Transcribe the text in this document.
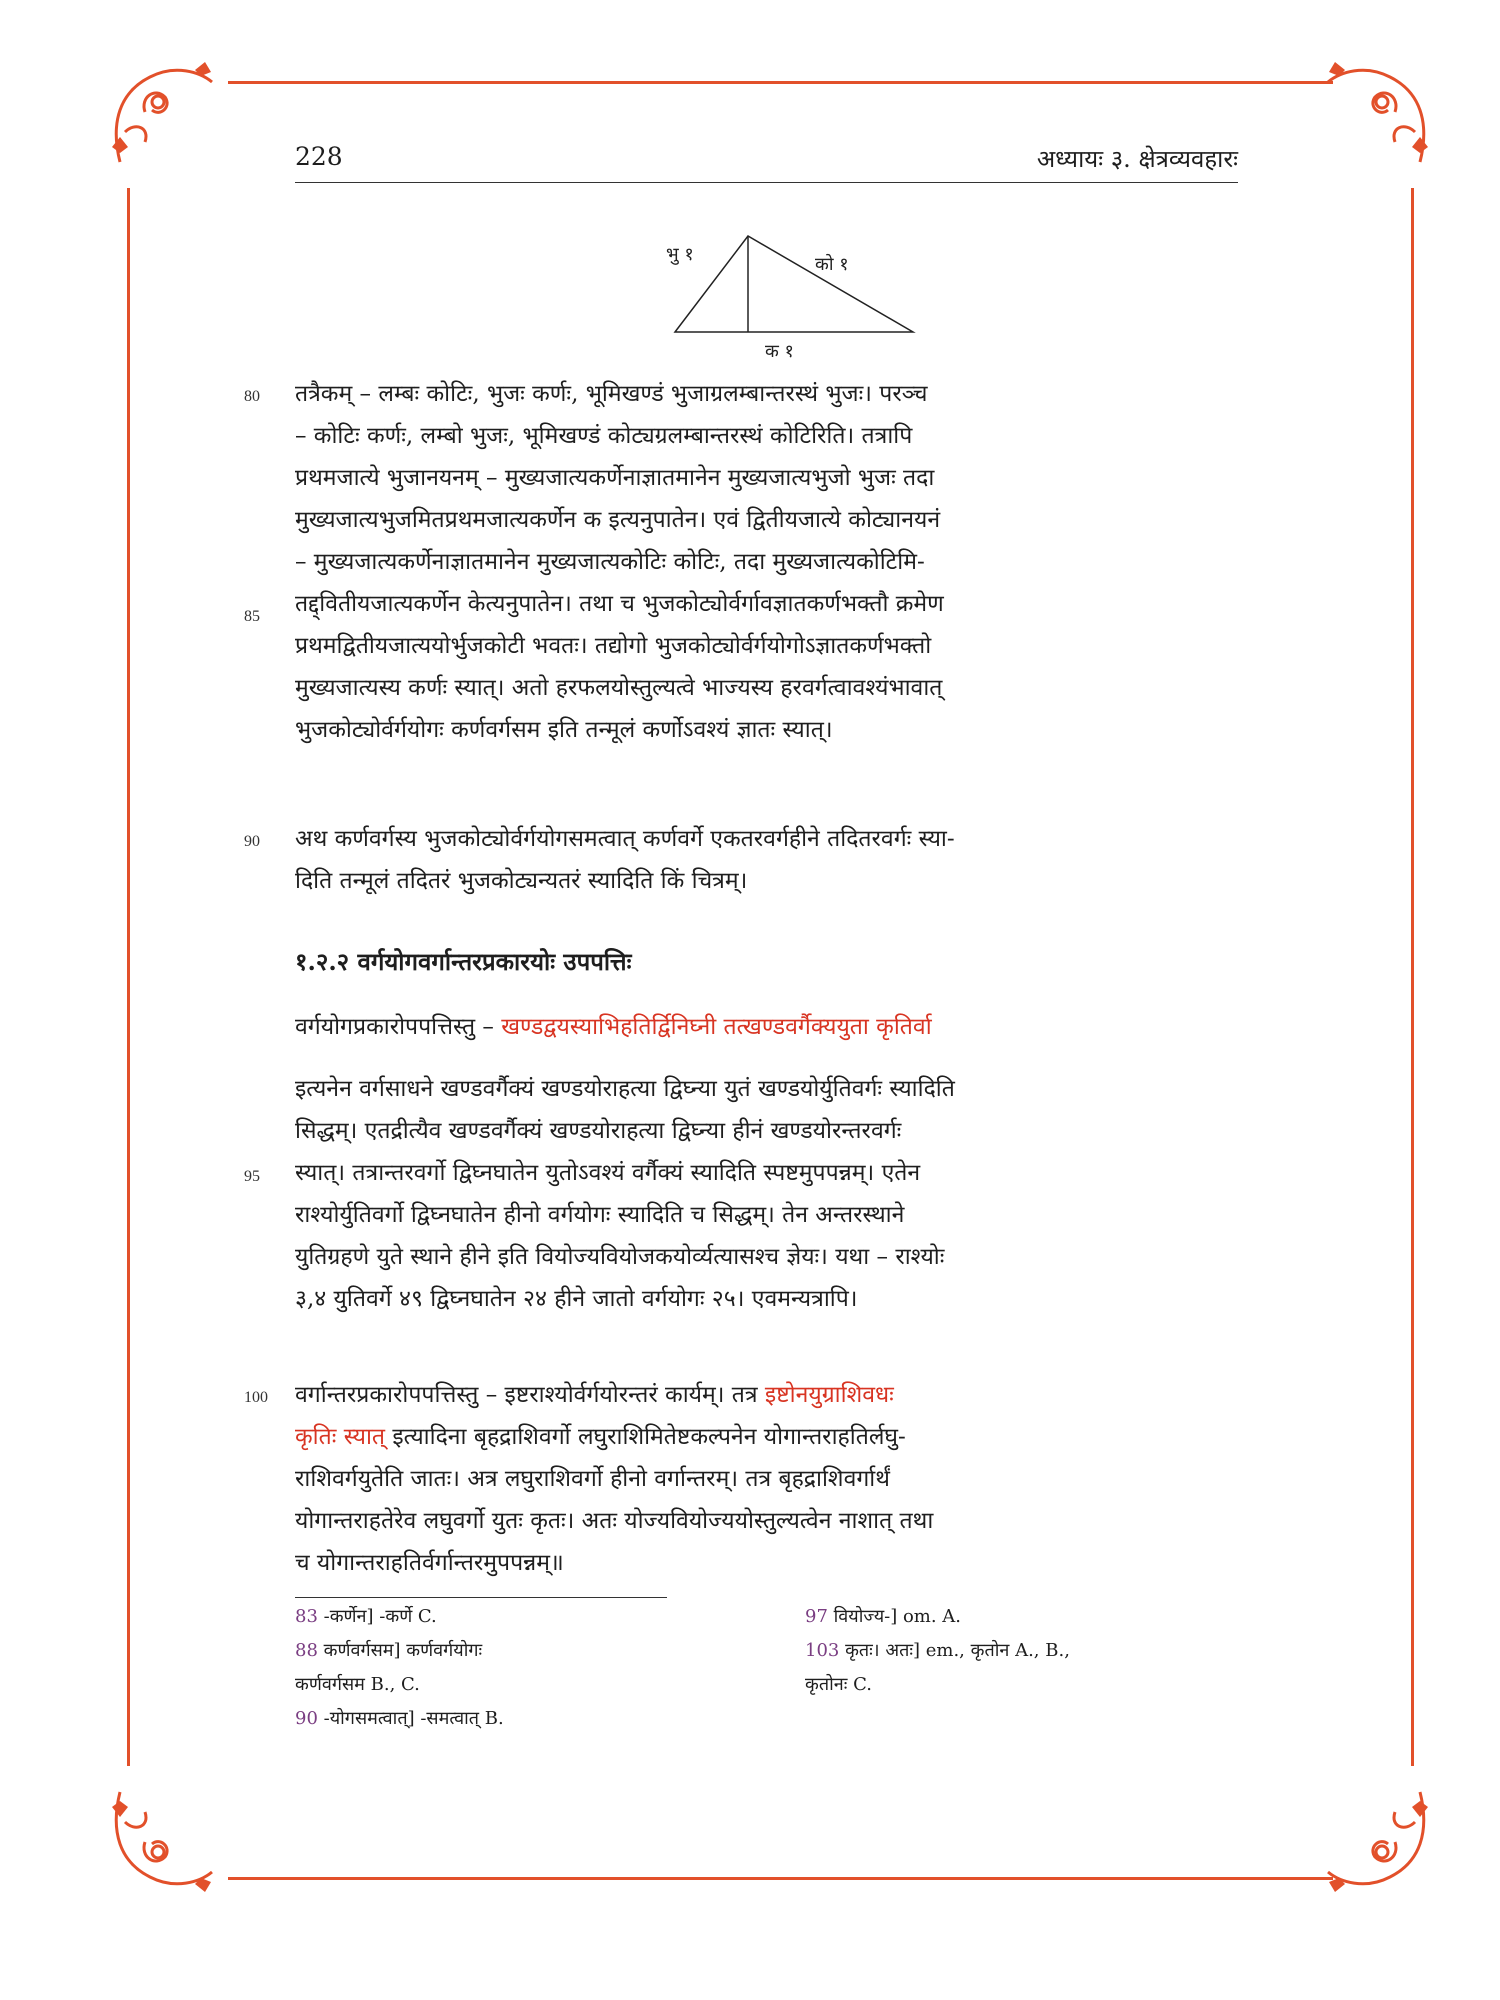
228	अध्यायः ३. क्षेत्रव्यवहारः
भु १	को १
क १
80
85
तत्रैकम् – लम्बः कोटिः, भुजः कर्णः, भूमिखण्डं भुजाग्रलम्बान्तरस्थं भुजः। परञ्च
– कोटिः कर्णः, लम्बो भुजः, भूमिखण्डं कोट्यग्रलम्बान्तरस्थं कोटिरिति। तत्रापि
प्रथमजात्ये भुजानयनम् – मुख्यजात्यकर्णेनाज्ञातमानेन मुख्यजात्यभुजो भुजः तदा
मुख्यजात्यभुजमितप्रथमजात्यकर्णेन क इत्यनुपातेन। एवं द्वितीयजात्ये कोट्यानयनं
– मुख्यजात्यकर्णेनाज्ञातमानेन मुख्यजात्यकोटिः कोटिः, तदा मुख्यजात्यकोटिमि-
तद्द्वितीयजात्यकर्णेन केत्यनुपातेन। तथा च भुजकोट्योर्वर्गावज्ञातकर्णभक्तौ क्रमेण
प्रथमद्वितीयजात्ययोर्भुजकोटी भवतः। तद्योगो भुजकोट्योर्वर्गयोगोऽज्ञातकर्णभक्तो
मुख्यजात्यस्य कर्णः स्यात्। अतो हरफलयोस्तुल्यत्वे भाज्यस्य हरवर्गत्वावश्यंभावात्
भुजकोट्योर्वर्गयोगः कर्णवर्गसम इति तन्मूलं कर्णोऽवश्यं ज्ञातः स्यात्।
90 अथ कर्णवर्गस्य भुजकोट्योर्वर्गयोगसमत्वात् कर्णवर्गे एकतरवर्गहीने तदितरवर्गः स्या-
दिति तन्मूलं तदितरं भुजकोट्यन्यतरं स्यादिति किं चित्रम्।
१.२.२ वर्गयोगवर्गान्तरप्रकारयोः उपपत्तिः
वर्गयोगप्रकारोपपत्तिस्तु – खण्डद्वयस्याभिहतिर्द्विनिघ्नी तत्खण्डवर्गैक्ययुता कृतिर्वा
95
इत्यनेन वर्गसाधने खण्डवर्गैक्यं खण्डयोराहत्या द्विघ्न्या युतं खण्डयोर्युतिवर्गः स्यादिति
सिद्धम्। एतद्रीत्यैव खण्डवर्गैक्यं खण्डयोराहत्या द्विघ्न्या हीनं खण्डयोरन्तरवर्गः
स्यात्। तत्रान्तरवर्गो द्विघ्नघातेन युतोऽवश्यं वर्गैक्यं स्यादिति स्पष्टमुपपन्नम्। एतेन
राश्योर्युतिवर्गो द्विघ्नघातेन हीनो वर्गयोगः स्यादिति च सिद्धम्। तेन अन्तरस्थाने
युतिग्रहणे युते स्थाने हीने इति वियोज्यवियोजकयोर्व्यत्यासश्च ज्ञेयः। यथा – राश्योः
३,४ युतिवर्गे ४९ द्विघ्नघातेन २४ हीने जातो वर्गयोगः २५। एवमन्यत्रापि।
100 वर्गान्तरप्रकारोपपत्तिस्तु – इष्टराश्योर्वर्गयोरन्तरं कार्यम्। तत्र इष्टोनयुग्राशिवधः
कृतिः स्यात् इत्यादिना बृहद्राशिवर्गो लघुराशिमितेष्टकल्पनेन योगान्तराहतिर्लघु-
राशिवर्गयुतेति जातः। अत्र लघुराशिवर्गो हीनो वर्गान्तरम्। तत्र बृहद्राशिवर्गार्थं
योगान्तराहतेरेव लघुवर्गो युतः कृतः। अतः योज्यवियोज्ययोस्तुल्यत्वेन नाशात् तथा
च योगान्तराहतिर्वर्गान्तरमुपपन्नम्॥
83 -कर्णेन] -कर्णे C.
88 कर्णवर्गसम] कर्णवर्गयोगः
कर्णवर्गसम B., C.
90 -योगसमत्वात्] -समत्वात् B.
97 वियोज्य-] om. A.
103 कृतः। अतः] em., कृतोन A., B.,
कृतोनः C.
